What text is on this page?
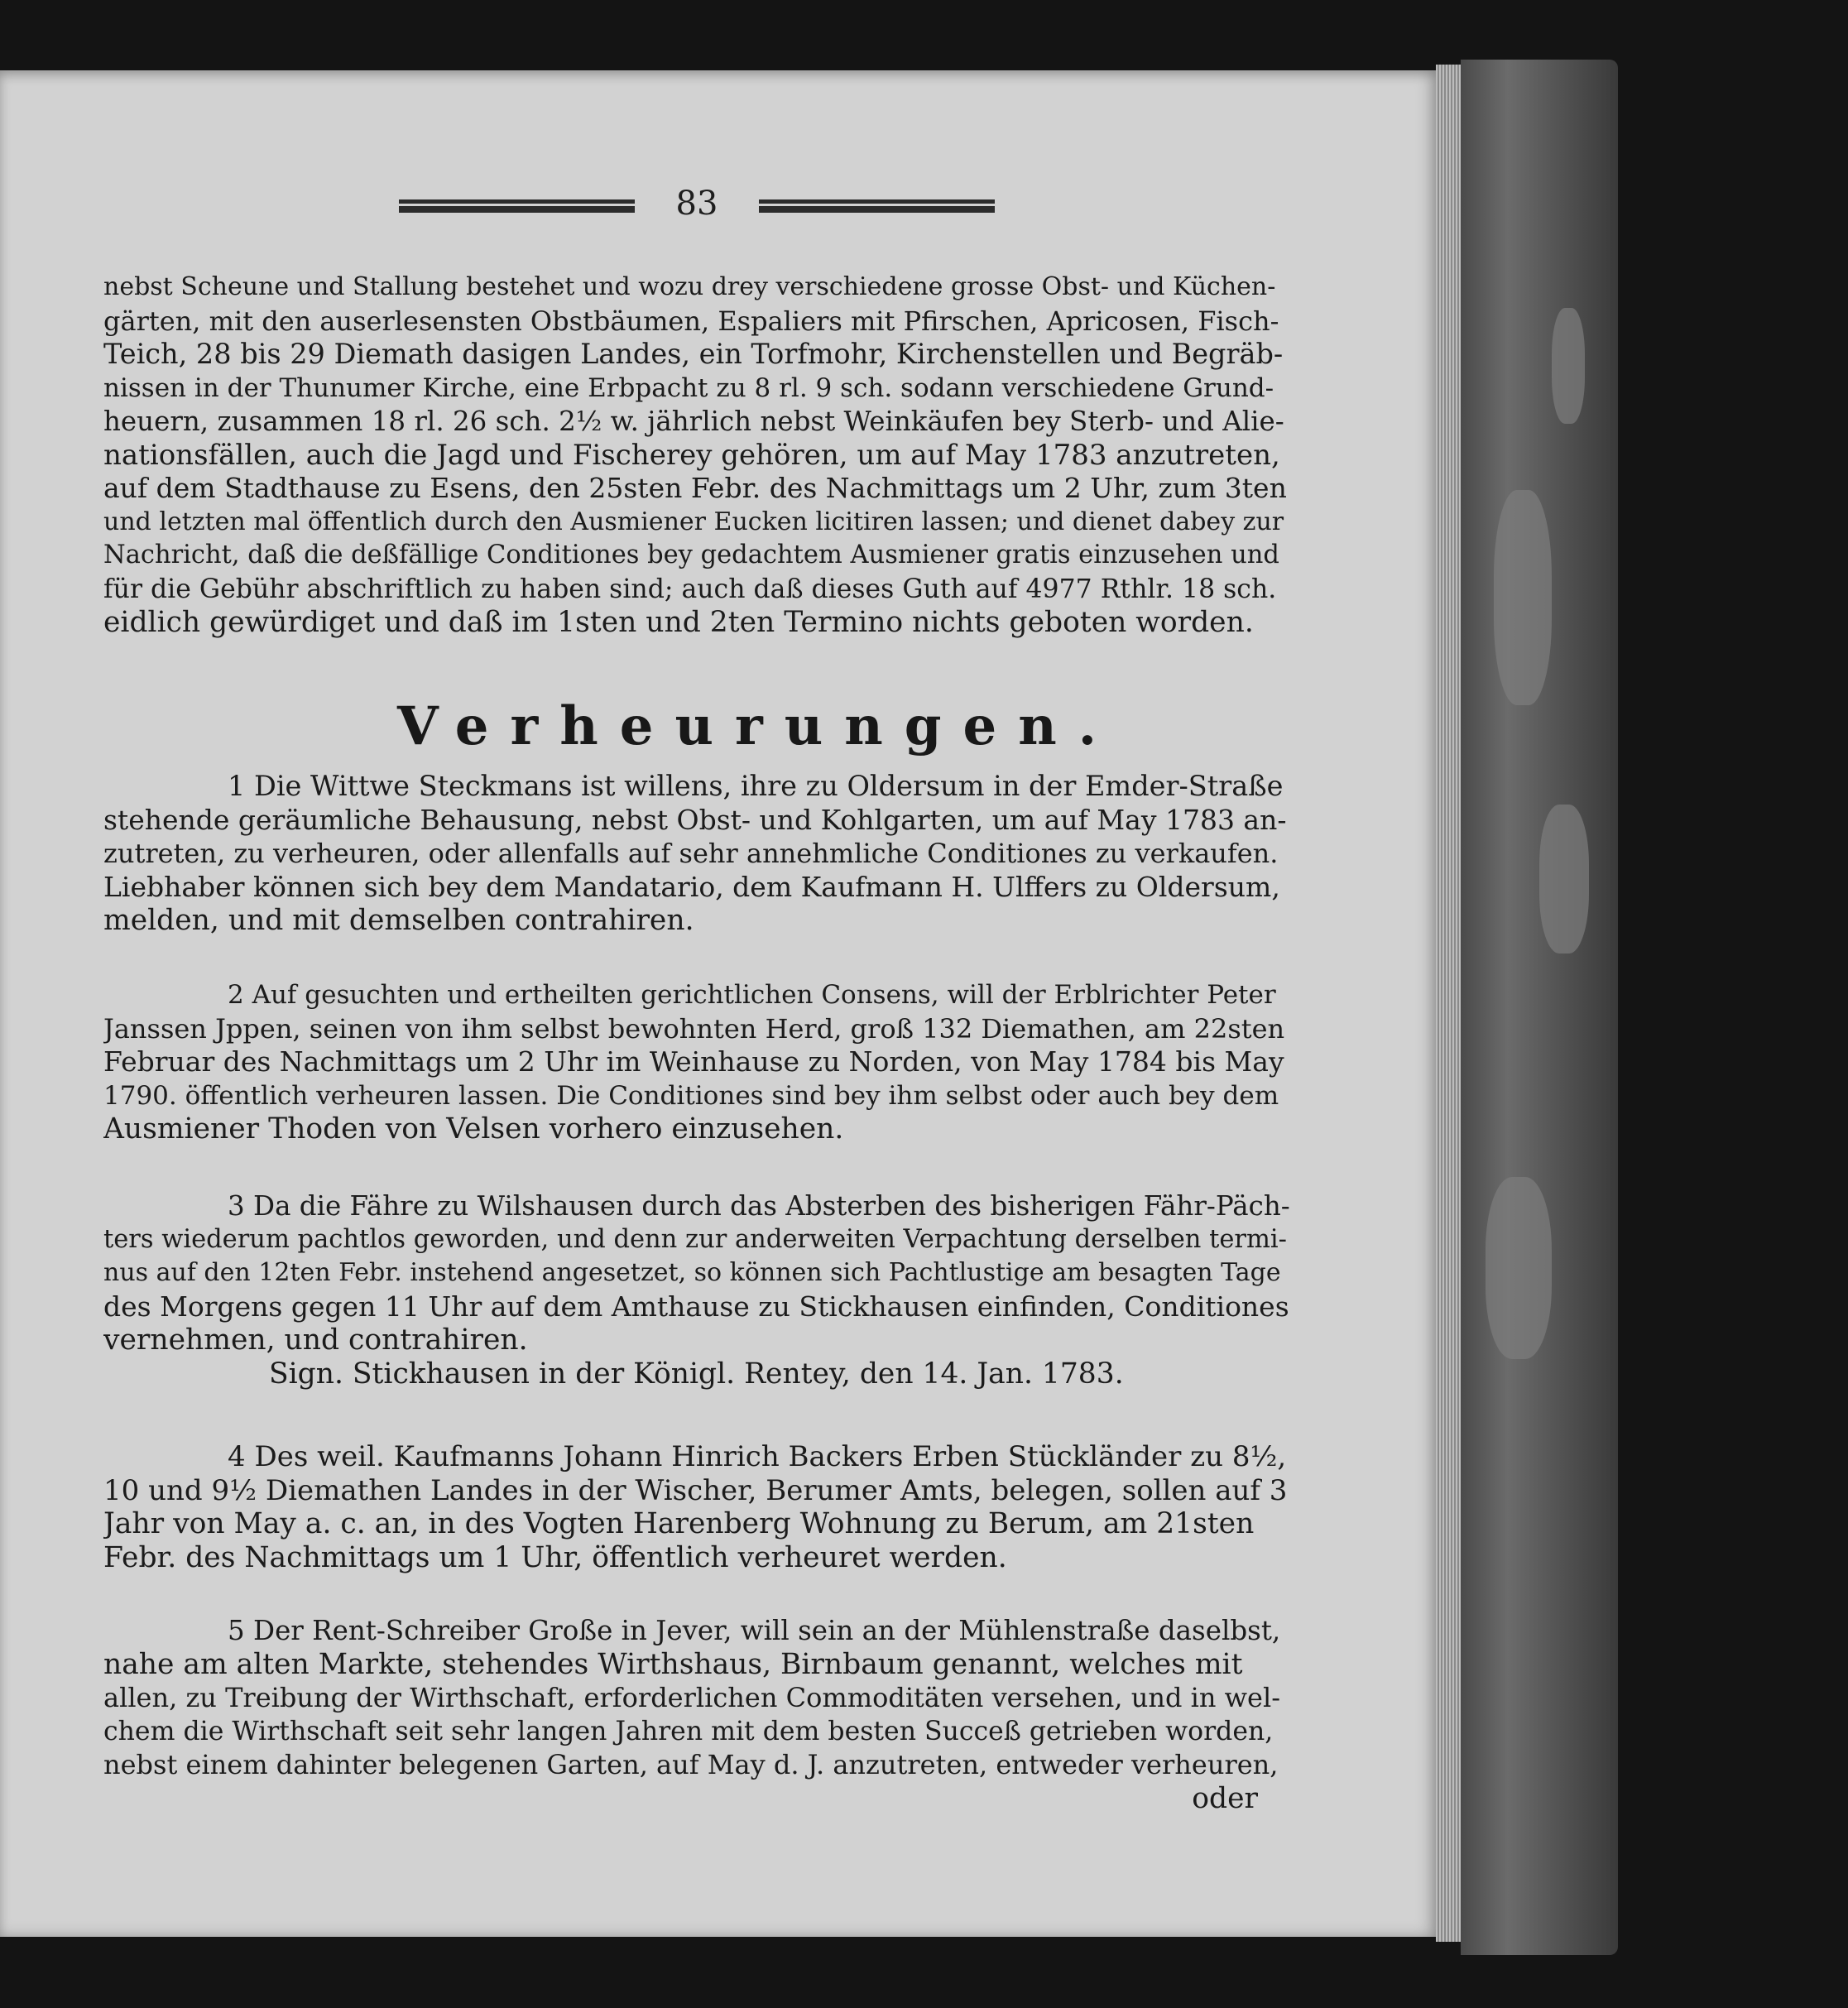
83
nebst Scheune und Stallung bestehet und wozu drey verschiedene grosse Obst- und Küchen-
gärten, mit den auserlesensten Obstbäumen, Espaliers mit Pfirschen, Apricosen, Fisch-
Teich, 28 bis 29 Diemath dasigen Landes, ein Torfmohr, Kirchenstellen und Begräb-
nissen in der Thunumer Kirche, eine Erbpacht zu 8 rl. 9 sch. sodann verschiedene Grund-
heuern, zusammen 18 rl. 26 sch. 2½ w. jährlich nebst Weinkäufen bey Sterb- und Alie-
nationsfällen, auch die Jagd und Fischerey gehören, um auf May 1783 anzutreten,
auf dem Stadthause zu Esens, den 25sten Febr. des Nachmittags um 2 Uhr, zum 3ten
und letzten mal öffentlich durch den Ausmiener Eucken licitiren lassen; und dienet dabey zur
Nachricht, daß die deßfällige Conditiones bey gedachtem Ausmiener gratis einzusehen und
für die Gebühr abschriftlich zu haben sind; auch daß dieses Guth auf 4977 Rthlr. 18 sch.
eidlich gewürdiget und daß im 1sten und 2ten Termino nichts geboten worden.
Verheurungen.
1 Die Wittwe Steckmans ist willens, ihre zu Oldersum in der Emder-Straße
stehende geräumliche Behausung, nebst Obst- und Kohlgarten, um auf May 1783 an-
zutreten, zu verheuren, oder allenfalls auf sehr annehmliche Conditiones zu verkaufen.
Liebhaber können sich bey dem Mandatario, dem Kaufmann H. Ulffers zu Oldersum,
melden, und mit demselben contrahiren.
2 Auf gesuchten und ertheilten gerichtlichen Consens, will der Erblrichter Peter
Janssen Jppen, seinen von ihm selbst bewohnten Herd, groß 132 Diemathen, am 22sten
Februar des Nachmittags um 2 Uhr im Weinhause zu Norden, von May 1784 bis May
1790. öffentlich verheuren lassen. Die Conditiones sind bey ihm selbst oder auch bey dem
Ausmiener Thoden von Velsen vorhero einzusehen.
3 Da die Fähre zu Wilshausen durch das Absterben des bisherigen Fähr-Päch-
ters wiederum pachtlos geworden, und denn zur anderweiten Verpachtung derselben termi-
nus auf den 12ten Febr. instehend angesetzet, so können sich Pachtlustige am besagten Tage
des Morgens gegen 11 Uhr auf dem Amthause zu Stickhausen einfinden, Conditiones
vernehmen, und contrahiren.
Sign. Stickhausen in der Königl. Rentey, den 14. Jan. 1783.
4 Des weil. Kaufmanns Johann Hinrich Backers Erben Stückländer zu 8½,
10 und 9½ Diemathen Landes in der Wischer, Berumer Amts, belegen, sollen auf 3
Jahr von May a. c. an, in des Vogten Harenberg Wohnung zu Berum, am 21sten
Febr. des Nachmittags um 1 Uhr, öffentlich verheuret werden.
5 Der Rent-Schreiber Große in Jever, will sein an der Mühlenstraße daselbst,
nahe am alten Markte, stehendes Wirthshaus, Birnbaum genannt, welches mit
allen, zu Treibung der Wirthschaft, erforderlichen Commoditäten versehen, und in wel-
chem die Wirthschaft seit sehr langen Jahren mit dem besten Succeß getrieben worden,
nebst einem dahinter belegenen Garten, auf May d. J. anzutreten, entweder verheuren,
oder
